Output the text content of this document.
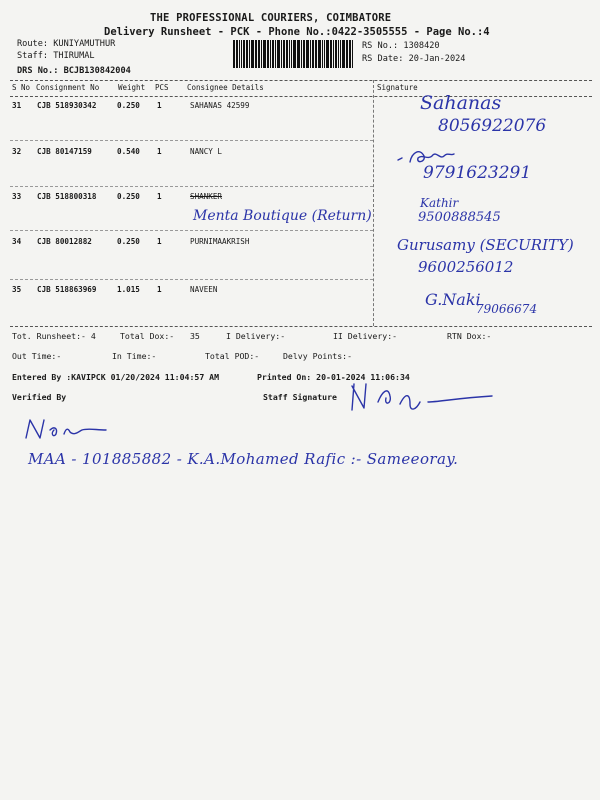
THE PROFESSIONAL COURIERS, COIMBATORE
Delivery Runsheet - PCK - Phone No.:0422-3505555 - Page No.:4
Route: KUNIYAMUTHUR
Staff: THIRUMAL
DRS No.: BCJB130842004
RS No.: 1308420
RS Date: 20-Jan-2024
S No Consignment No	Weight PCS Consignee Details	Signature
31 CJB 518930342	0.250 1	SAHANAS 42599	Sahanas
8056922076
32 CJB 80147159	0.540 1	NANCY L
9791623291
33 CJB 518800318	0.250 1	SHANKER
Menta Boutique (Return)
Kathir
9500888545
34 CJB 80012882	0.250 1	PURNIMAAKRISH	Gurusamy (SECURITY)
9600256012
35 CJB 518863969	1.015 1	NAVEEN
G.Naki
79066674
Tot. Runsheet:- 4	Total Dox:- 35	I Delivery:-	II Delivery:-	RTN Dox:-
Out Time:-	In Time:-	Total POD:-	Delvy Points:-
Entered By :KAVIPCK 01/20/2024 11:04:57 AM	Printed On: 20-01-2024 11:06:34
Verified By	Staff Signature
MAA - 101885882 - K.A.Mohamed Rafic :- Sameeoray.
